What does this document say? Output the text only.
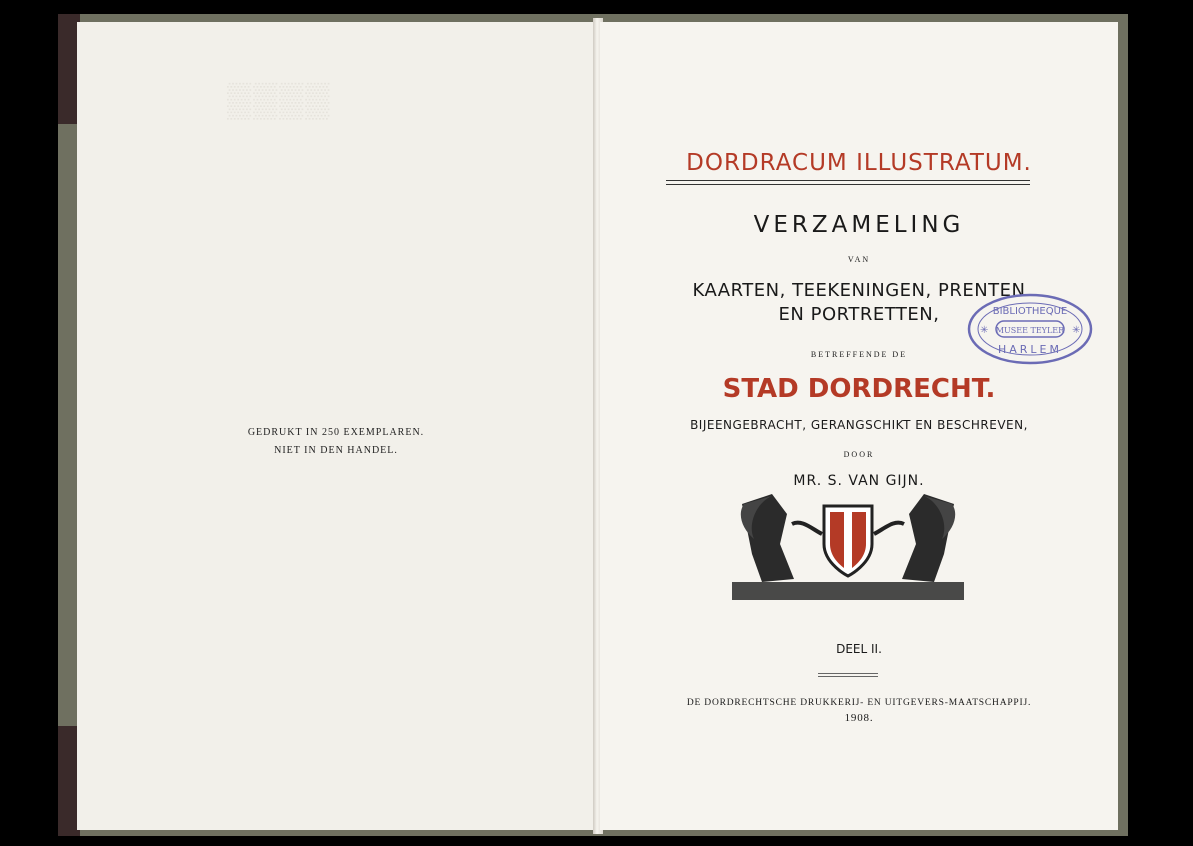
▒▒▒▒
GEDRUKT IN 250 EXEMPLAREN.
NIET IN DEN HANDEL.
DORDRACUM ILLUSTRATUM.
VERZAMELING
VAN
KAARTEN, TEEKENINGEN, PRENTEN
EN PORTRETTEN,
BETREFFENDE DE
STAD DORDRECHT.
BIJEENGEBRACHT, GERANGSCHIKT EN BESCHREVEN,
DOOR
MR. S. VAN GIJN.
DEEL II.
DE DORDRECHTSCHE DRUKKERIJ- EN UITGEVERS-MAATSCHAPPIJ.
1908.
BIBLIOTHEQUE
MUSEE TEYLER
HARLEM
✳	✳
